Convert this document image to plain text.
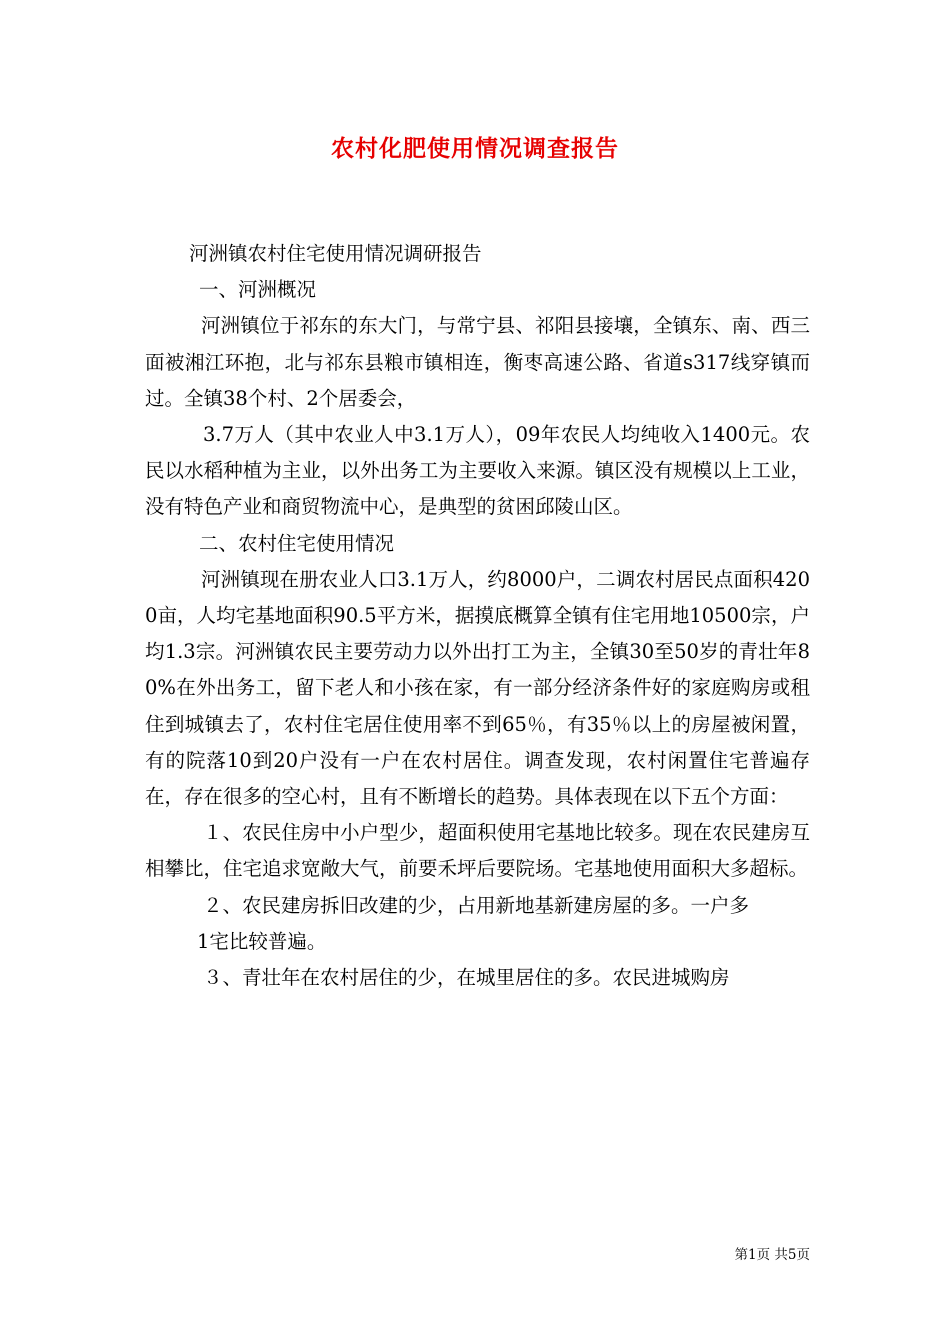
农村化肥使用情况调查报告

河洲镇农村住宅使用情况调研报告

一、河洲概况

河洲镇位于祁东的东大门，与常宁县、祁阳县接壤，全镇东、南、西三面被湘江环抱，北与祁东县粮市镇相连，衡枣高速公路、省道s317线穿镇而过。全镇38个村、2个居委会，

3.7万人（其中农业人中3.1万人），09年农民人均纯收入1400元。农民以水稻种植为主业，以外出务工为主要收入来源。镇区没有规模以上工业，没有特色产业和商贸物流中心，是典型的贫困邱陵山区。

二、农村住宅使用情况

河洲镇现在册农业人口3.1万人，约8000户，二调农村居民点面积4200亩，人均宅基地面积90.5平方米，据摸底概算全镇有住宅用地10500宗，户均1.3宗。河洲镇农民主要劳动力以外出打工为主，全镇30至50岁的青壮年80%在外出务工，留下老人和小孩在家，有一部分经济条件好的家庭购房或租住到城镇去了，农村住宅居住使用率不到65％，有35％以上的房屋被闲置，有的院落10到20户没有一户在农村居住。调查发现，农村闲置住宅普遍存在，存在很多的空心村，且有不断增长的趋势。具体表现在以下五个方面：

１、农民住房中小户型少，超面积使用宅基地比较多。现在农民建房互相攀比，住宅追求宽敞大气，前要禾坪后要院场。宅基地使用面积大多超标。

２、农民建房拆旧改建的少，占用新地基新建房屋的多。一户多

1宅比较普遍。

３、青壮年在农村居住的少，在城里居住的多。农民进城购房

第1页 共5页
